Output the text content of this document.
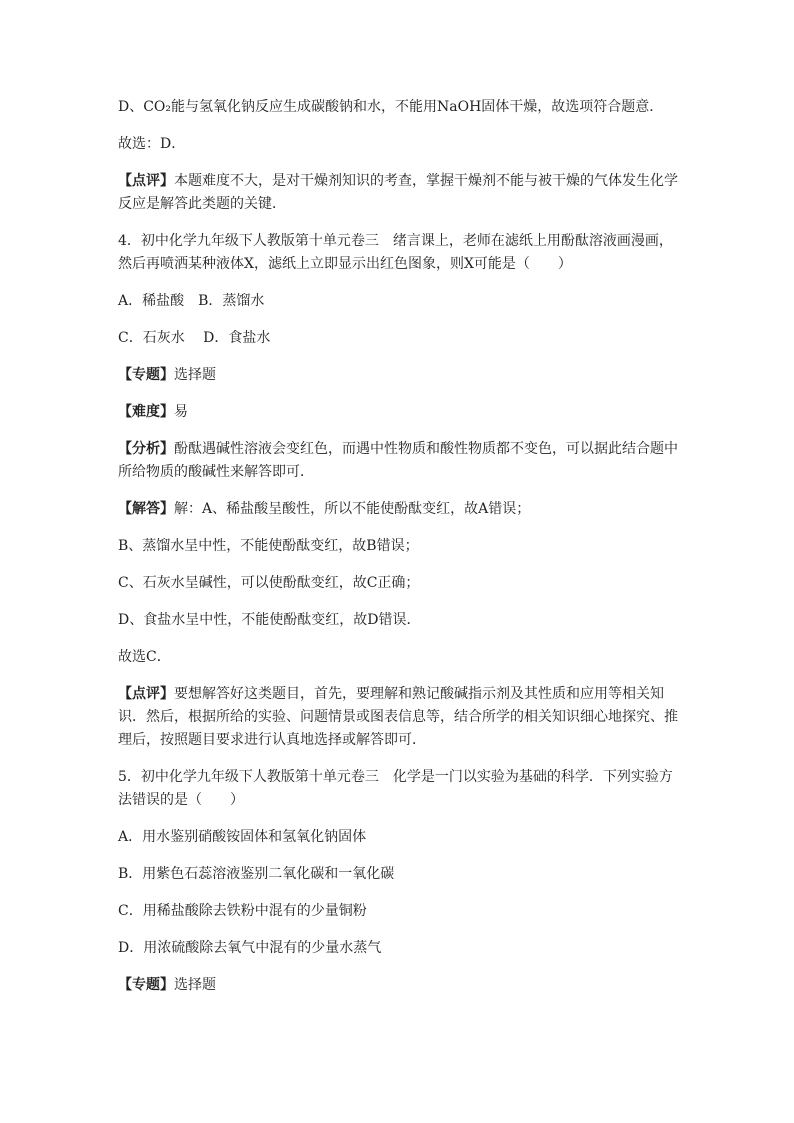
D、CO₂能与氢氧化钠反应生成碳酸钠和水，不能用NaOH固体干燥，故选项符合题意．

故选：D．

【点评】本题难度不大，是对干燥剂知识的考查，掌握干燥剂不能与被干燥的气体发生化学反应是解答此类题的关键．

4．初中化学九年级下人教版第十单元卷三　绪言课上，老师在滤纸上用酚酞溶液画漫画，然后再喷洒某种液体X，滤纸上立即显示出红色图象，则X可能是（　　）

A．稀盐酸　B．蒸馏水

C．石灰水　 D．食盐水

【专题】选择题

【难度】易

【分析】酚酞遇碱性溶液会变红色，而遇中性物质和酸性物质都不变色，可以据此结合题中所给物质的酸碱性来解答即可．

【解答】解：A、稀盐酸呈酸性，所以不能使酚酞变红，故A错误；

B、蒸馏水呈中性，不能使酚酞变红，故B错误；

C、石灰水呈碱性，可以使酚酞变红，故C正确；

D、食盐水呈中性，不能使酚酞变红，故D错误．

故选C．

【点评】要想解答好这类题目，首先，要理解和熟记酸碱指示剂及其性质和应用等相关知识．然后，根据所给的实验、问题情景或图表信息等，结合所学的相关知识细心地探究、推理后，按照题目要求进行认真地选择或解答即可．

5．初中化学九年级下人教版第十单元卷三　化学是一门以实验为基础的科学．下列实验方法错误的是（　　）

A．用水鉴别硝酸铵固体和氢氧化钠固体

B．用紫色石蕊溶液鉴别二氧化碳和一氧化碳

C．用稀盐酸除去铁粉中混有的少量铜粉

D．用浓硫酸除去氧气中混有的少量水蒸气

【专题】选择题
